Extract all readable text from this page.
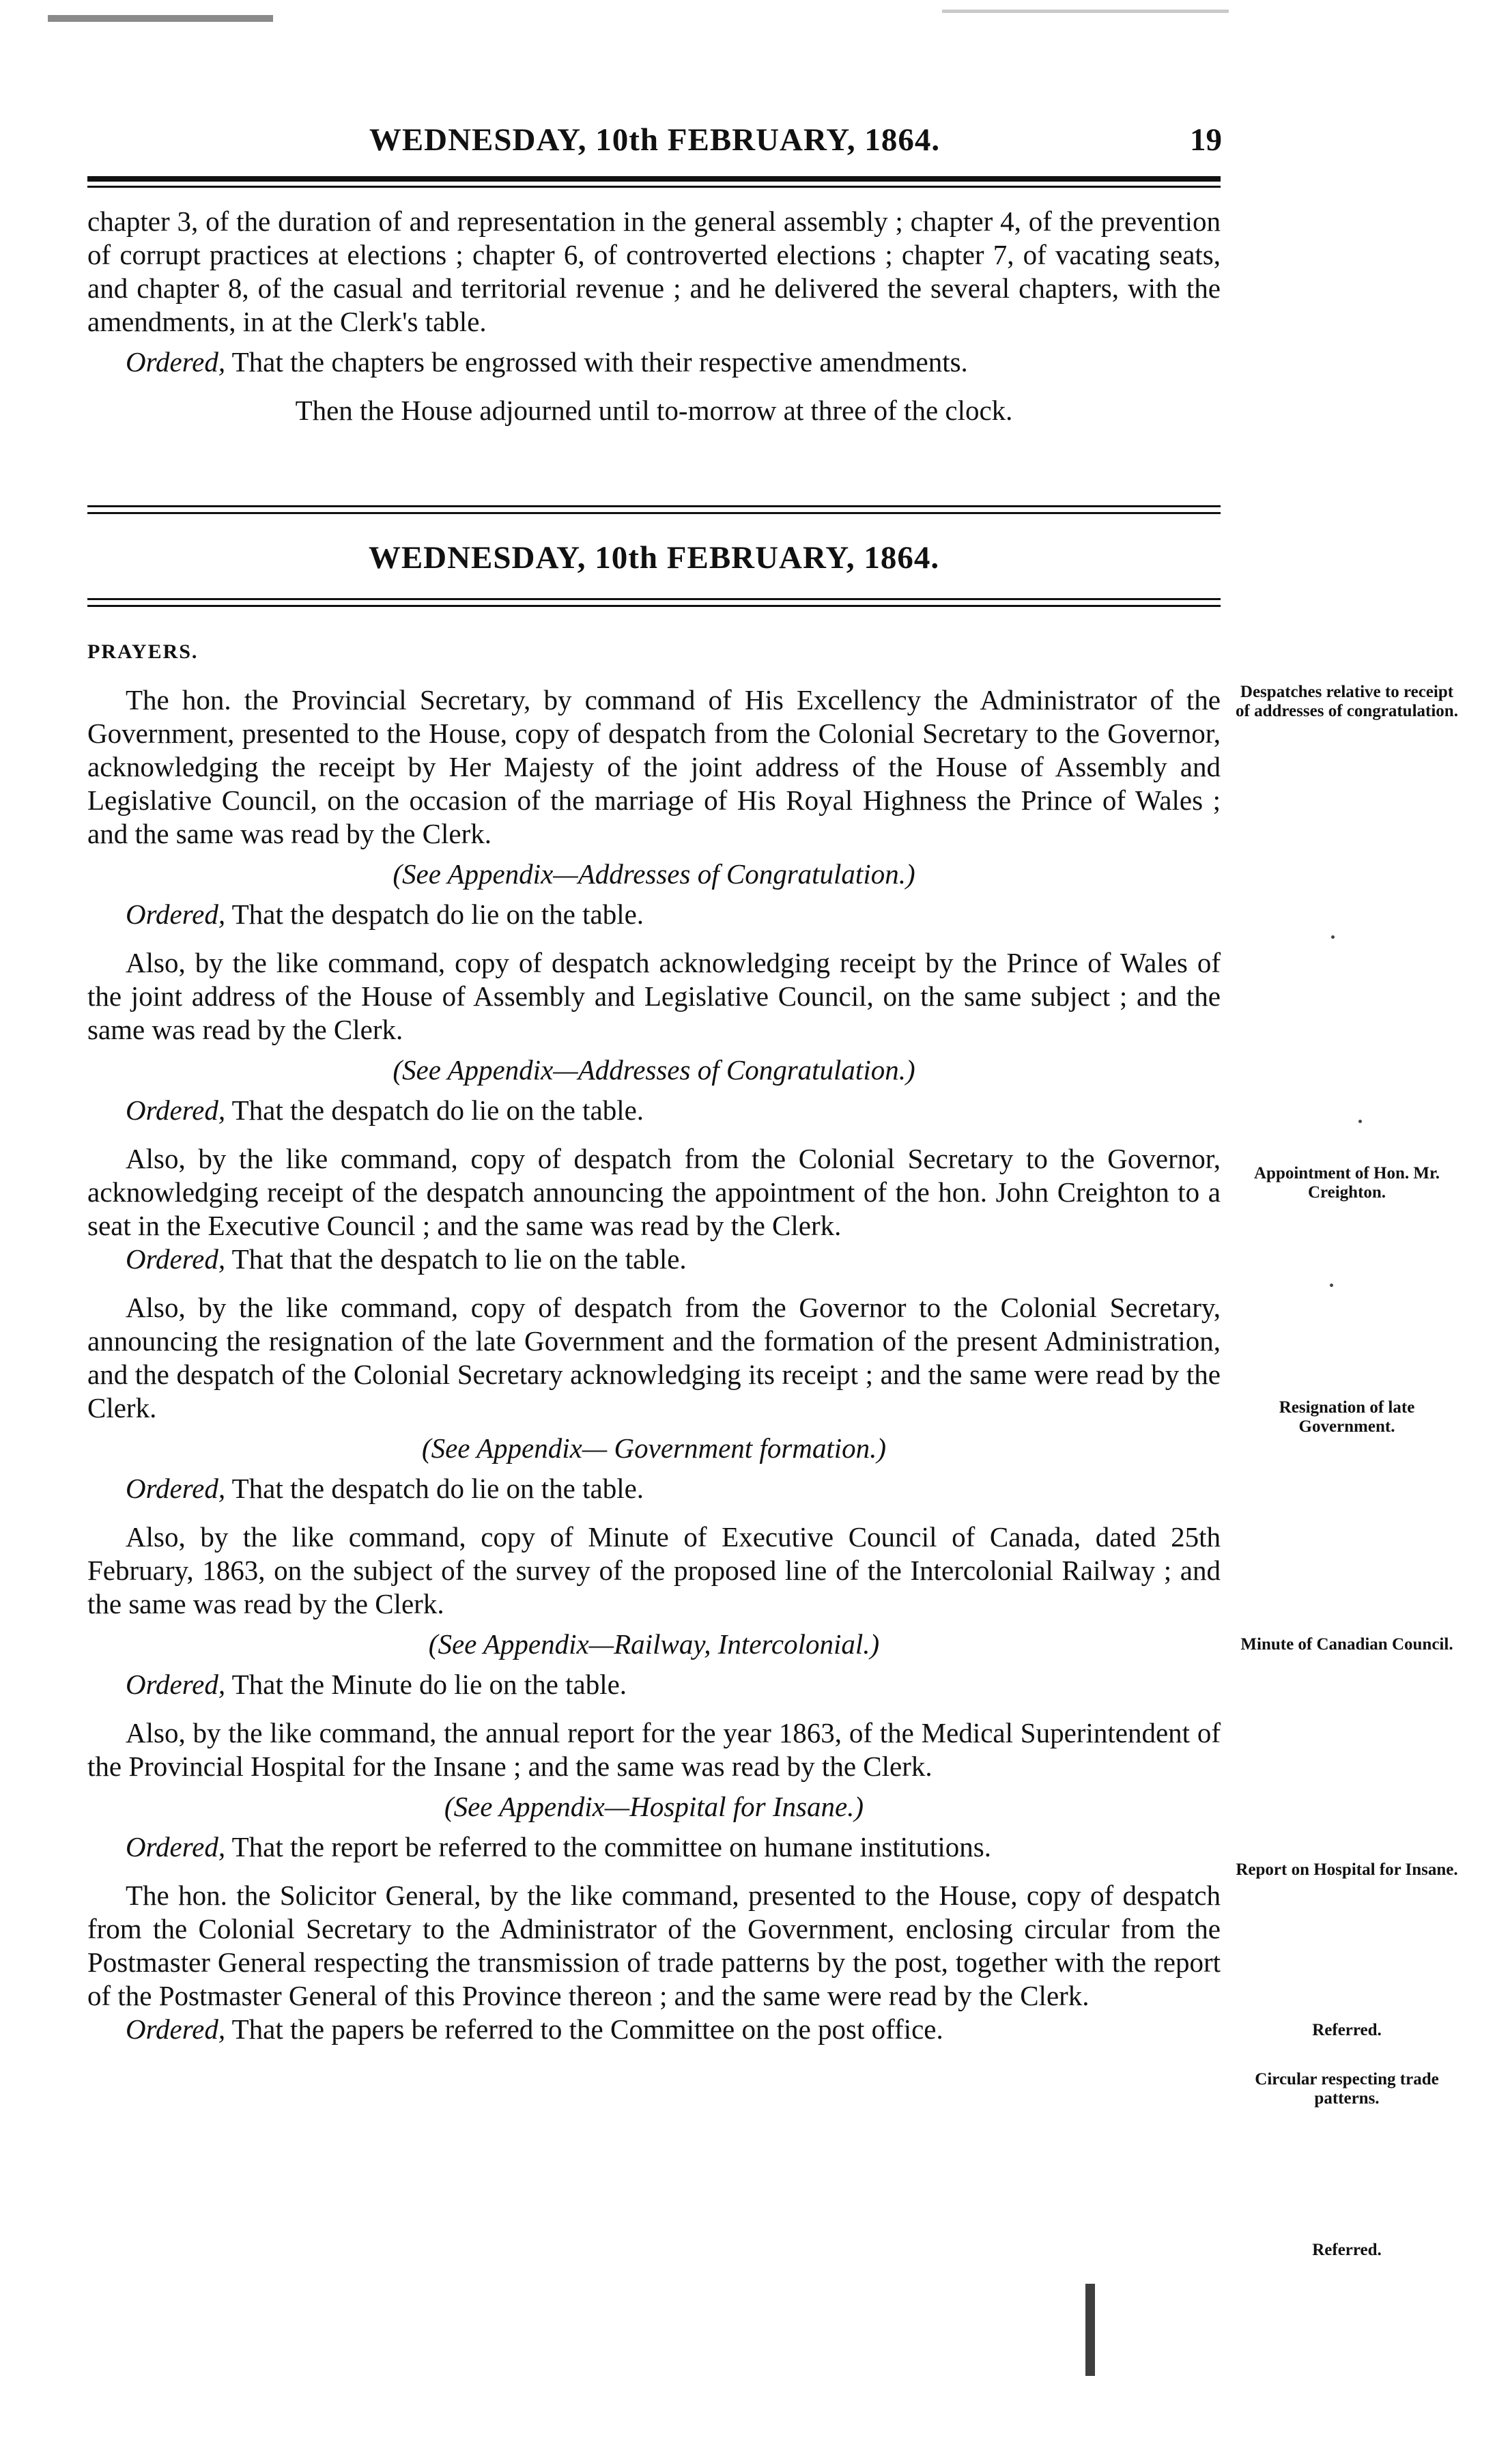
WEDNESDAY, 10th FEBRUARY, 1864.	19

chapter 3, of the duration of and representation in the general assembly ; chapter 4, of the prevention of corrupt practices at elections ; chapter 6, of controverted elections ; chapter 7, of vacating seats, and chapter 8, of the casual and territorial revenue ; and he delivered the several chapters, with the amendments, in at the Clerk's table.

Ordered, That the chapters be engrossed with their respective amendments.

Then the House adjourned until to-morrow at three of the clock.

WEDNESDAY, 10th FEBRUARY, 1864.

PRAYERS.

The hon. the Provincial Secretary, by command of His Excellency the Administrator of the Government, presented to the House, copy of despatch from the Colonial Secretary to the Governor, acknowledging the receipt by Her Majesty of the joint address of the House of Assembly and Legislative Council, on the occasion of the marriage of His Royal Highness the Prince of Wales ; and the same was read by the Clerk.

(See Appendix—Addresses of Congratulation.)

Ordered, That the despatch do lie on the table.

Also, by the like command, copy of despatch acknowledging receipt by the Prince of Wales of the joint address of the House of Assembly and Legislative Council, on the same subject ; and the same was read by the Clerk.

(See Appendix—Addresses of Congratulation.)

Ordered, That the despatch do lie on the table.

Also, by the like command, copy of despatch from the Colonial Secretary to the Governor, acknowledging receipt of the despatch announcing the appointment of the hon. John Creighton to a seat in the Executive Council ; and the same was read by the Clerk.

Ordered, That that the despatch to lie on the table.

Also, by the like command, copy of despatch from the Governor to the Colonial Secretary, announcing the resignation of the late Government and the formation of the present Administration, and the despatch of the Colonial Secretary acknowledging its receipt ; and the same were read by the Clerk.

(See Appendix— Government formation.)

Ordered, That the despatch do lie on the table.

Also, by the like command, copy of Minute of Executive Council of Canada, dated 25th February, 1863, on the subject of the survey of the proposed line of the Intercolonial Railway ; and the same was read by the Clerk.

(See Appendix—Railway, Intercolonial.)

Ordered, That the Minute do lie on the table.

Also, by the like command, the annual report for the year 1863, of the Medical Superintendent of the Provincial Hospital for the Insane ; and the same was read by the Clerk.

(See Appendix—Hospital for Insane.)

Ordered, That the report be referred to the committee on humane institutions.

The hon. the Solicitor General, by the like command, presented to the House, copy of despatch from the Colonial Secretary to the Administrator of the Government, enclosing circular from the Postmaster General respecting the transmission of trade patterns by the post, together with the report of the Postmaster General of this Province thereon ; and the same were read by the Clerk.

Ordered, That the papers be referred to the Committee on the post office.

Despatches relative to receipt of addresses of congratulation.
Appointment of Hon. Mr. Creighton.
Resignation of late Government.
Minute of Canadian Council.
Report on Hospital for Insane.
Referred.
Circular respecting trade patterns.
Referred.
